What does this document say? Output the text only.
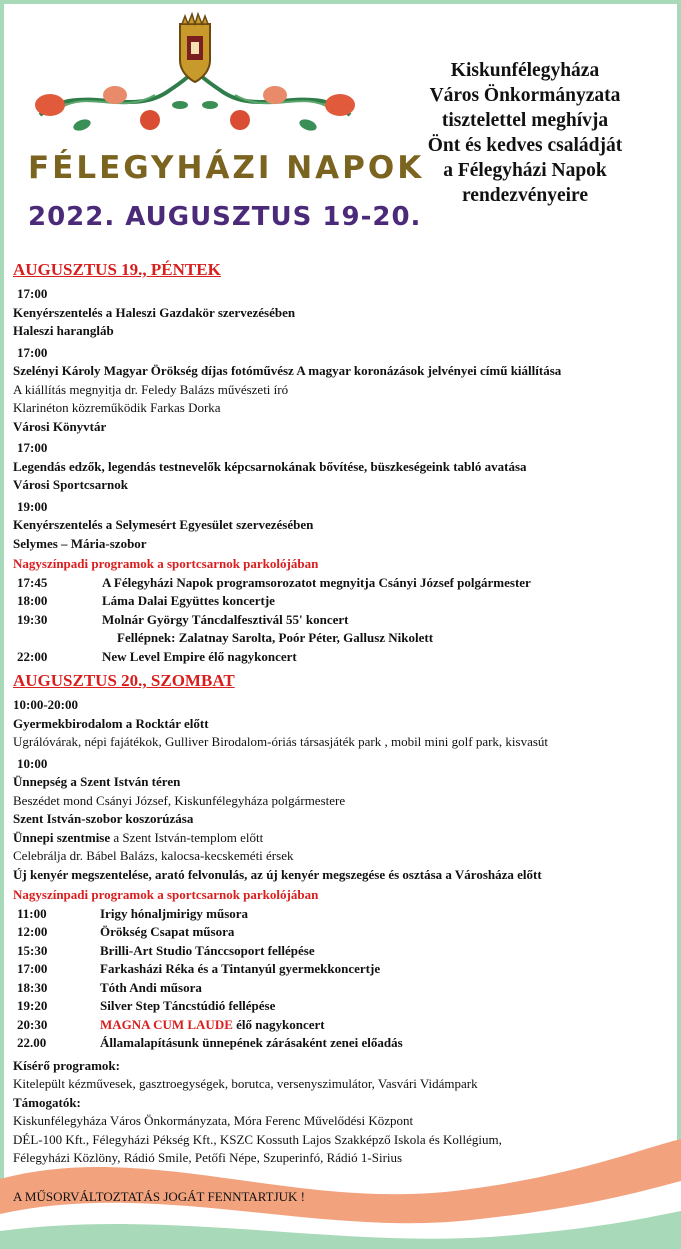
FÉLEGYHÁZI NAPOK
2022. AUGUSZTUS 19-20.
Kiskunfélegyháza
Város Önkormányzata
tisztelettel meghívja
Önt és kedves családját
a Félegyházi Napok
rendezvényeire
AUGUSZTUS 19., PÉNTEK
17:00
Kenyérszentelés a Haleszi Gazdakör szervezésében
Haleszi harangláb
17:00
Szelényi Károly Magyar Örökség díjas fotóművész A magyar koronázások jelvényei című kiállítása
A kiállítás megnyitja dr. Feledy Balázs művészeti író
Klarinéton közreműködik Farkas Dorka
Városi Könyvtár
17:00
Legendás edzők, legendás testnevelők képcsarnokának bővítése, büszkeségeink tabló avatása
Városi Sportcsarnok
19:00
Kenyérszentelés a Selymesért Egyesület szervezésében
Selymes – Mária-szobor
Nagyszínpadi programok a sportcsarnok parkolójában
17:45	A Félegyházi Napok programsorozatot megnyitja Csányi József polgármester
18:00	Láma Dalai Együttes koncertje
19:30	Molnár György Táncdalfesztivál 55' koncert
Fellépnek: Zalatnay Sarolta, Poór Péter, Gallusz Nikolett
22:00	New Level Empire élő nagykoncert
AUGUSZTUS 20., SZOMBAT
10:00-20:00
Gyermekbirodalom a Rocktár előtt
Ugrálóvárak, népi fajátékok, Gulliver Birodalom-óriás társasjáték park , mobil mini golf park, kisvasút
10:00
Ünnepség a Szent István téren
Beszédet mond Csányi József, Kiskunfélegyháza polgármestere
Szent István-szobor koszorúzása
Ünnepi szentmise a Szent István-templom előtt
Celebrálja dr. Bábel Balázs, kalocsa-kecskeméti érsek
Új kenyér megszentelése, arató felvonulás, az új kenyér megszegése és osztása a Városháza előtt
Nagyszínpadi programok a sportcsarnok parkolójában
11:00	Irigy hónaljmirigy műsora
12:00	Örökség Csapat műsora
15:30	Brilli-Art Studio Tánccsoport fellépése
17:00	Farkasházi Réka és a Tintanyúl gyermekkoncertje
18:30	Tóth Andi műsora
19:20	Silver Step Táncstúdió fellépése
20:30	MAGNA CUM LAUDE élő nagykoncert
22.00	Államalapításunk ünnepének zárásaként zenei előadás
Kísérő programok:
Kitelepült kézművesek, gasztroegységek, borutca, versenyszimulátor, Vasvári Vidámpark
Támogatók:
Kiskunfélegyháza Város Önkormányzata, Móra Ferenc Művelődési Központ
DÉL-100 Kft., Félegyházi Pékség Kft., KSZC Kossuth Lajos Szakképző Iskola és Kollégium,
Félegyházi Közlöny, Rádió Smile, Petőfi Népe, Szuperinfó, Rádió 1-Sirius
A MŰSORVÁLTOZTATÁS JOGÁT FENNTARTJUK !
